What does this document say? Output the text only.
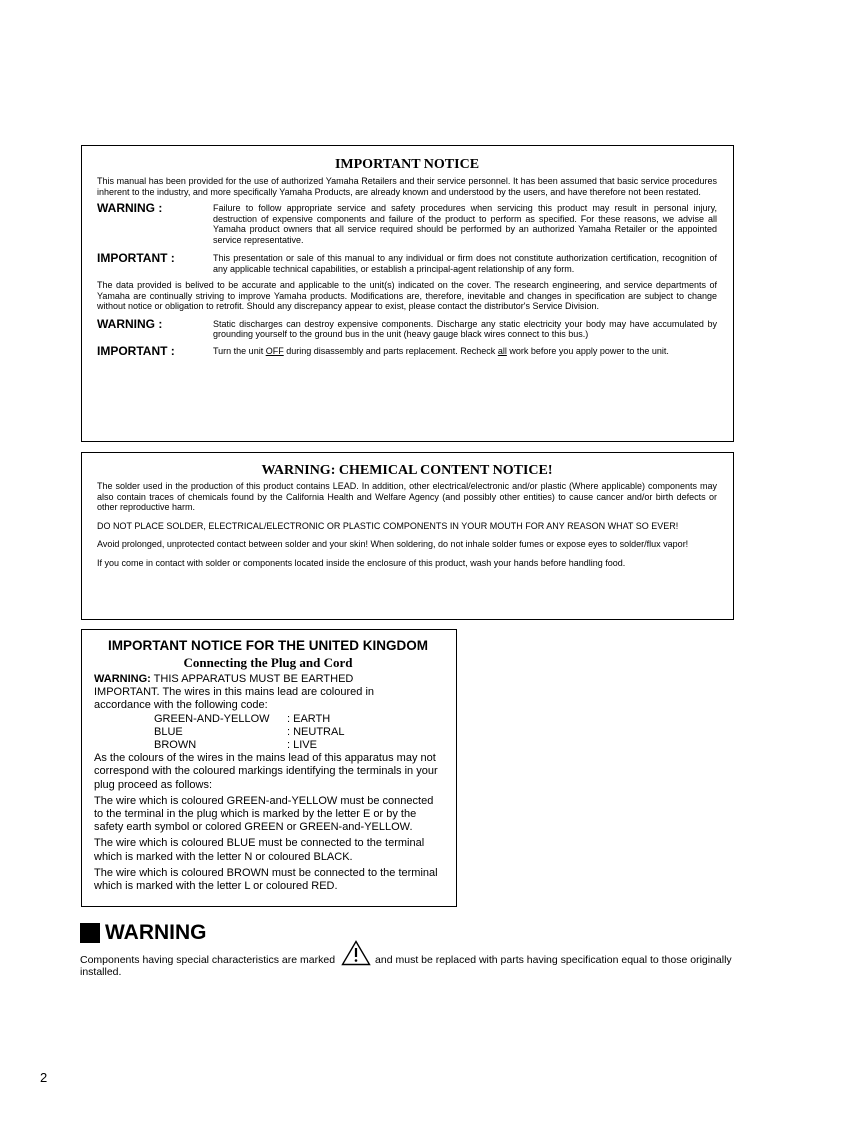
IMPORTANT NOTICE

This manual has been provided for the use of authorized Yamaha Retailers and their service personnel. It has been assumed that basic service procedures inherent to the industry, and more specifically Yamaha Products, are already known and understood by the users, and have therefore not been restated.

WARNING :	Failure to follow appropriate service and safety procedures when servicing this product may result in personal injury, destruction of expensive components and failure of the product to perform as specified. For these reasons, we advise all Yamaha product owners that all service required should be performed by an authorized Yamaha Retailer or the appointed service representative.

IMPORTANT :	This presentation or sale of this manual to any individual or firm does not constitute authorization certification, recognition of any applicable technical capabilities, or establish a principal-agent relationship of any form.

The data provided is belived to be accurate and applicable to the unit(s) indicated on the cover. The research engineering, and service departments of Yamaha are continually striving to improve Yamaha products. Modifications are, therefore, inevitable and changes in specification are subject to change without notice or obligation to retrofit. Should any discrepancy appear to exist, please contact the distributor's Service Division.

WARNING :	Static discharges can destroy expensive components. Discharge any static electricity your body may have accumulated by grounding yourself to the ground bus in the unit (heavy gauge black wires connect to this bus.)

IMPORTANT :	Turn the unit OFF during disassembly and parts replacement. Recheck all work before you apply power to the unit.

WARNING: CHEMICAL CONTENT NOTICE!

The solder used in the production of this product contains LEAD. In addition, other electrical/electronic and/or plastic (Where applicable) components may also contain traces of chemicals found by the California Health and Welfare Agency (and possibly other entities) to cause cancer and/or birth defects or other reproductive harm.

DO NOT PLACE SOLDER, ELECTRICAL/ELECTRONIC OR PLASTIC COMPONENTS IN YOUR MOUTH FOR ANY REASON WHAT SO EVER!

Avoid prolonged, unprotected contact between solder and your skin! When soldering, do not inhale solder fumes or expose eyes to solder/flux vapor!

If you come in contact with solder or components located inside the enclosure of this product, wash your hands before handling food.

IMPORTANT NOTICE FOR THE UNITED KINGDOM
Connecting the Plug and Cord

WARNING: THIS APPARATUS MUST BE EARTHED

IMPORTANT. The wires in this mains lead are coloured in accordance with the following code:

GREEN-AND-YELLOW	: EARTH
BLUE	: NEUTRAL
BROWN	: LIVE

As the colours of the wires in the mains lead of this apparatus may not correspond with the coloured markings identifying the terminals in your plug proceed as follows:

The wire which is coloured GREEN-and-YELLOW must be connected to the terminal in the plug which is marked by the letter E or by the safety earth symbol or colored GREEN or GREEN-and-YELLOW.

The wire which is coloured BLUE must be connected to the terminal which is marked with the letter N or coloured BLACK.

The wire which is coloured BROWN must be connected to the terminal which is marked with the letter L or coloured RED.

WARNING
Components having special characteristics are marked	and must be replaced with parts having specification equal to those originally installed.
2
